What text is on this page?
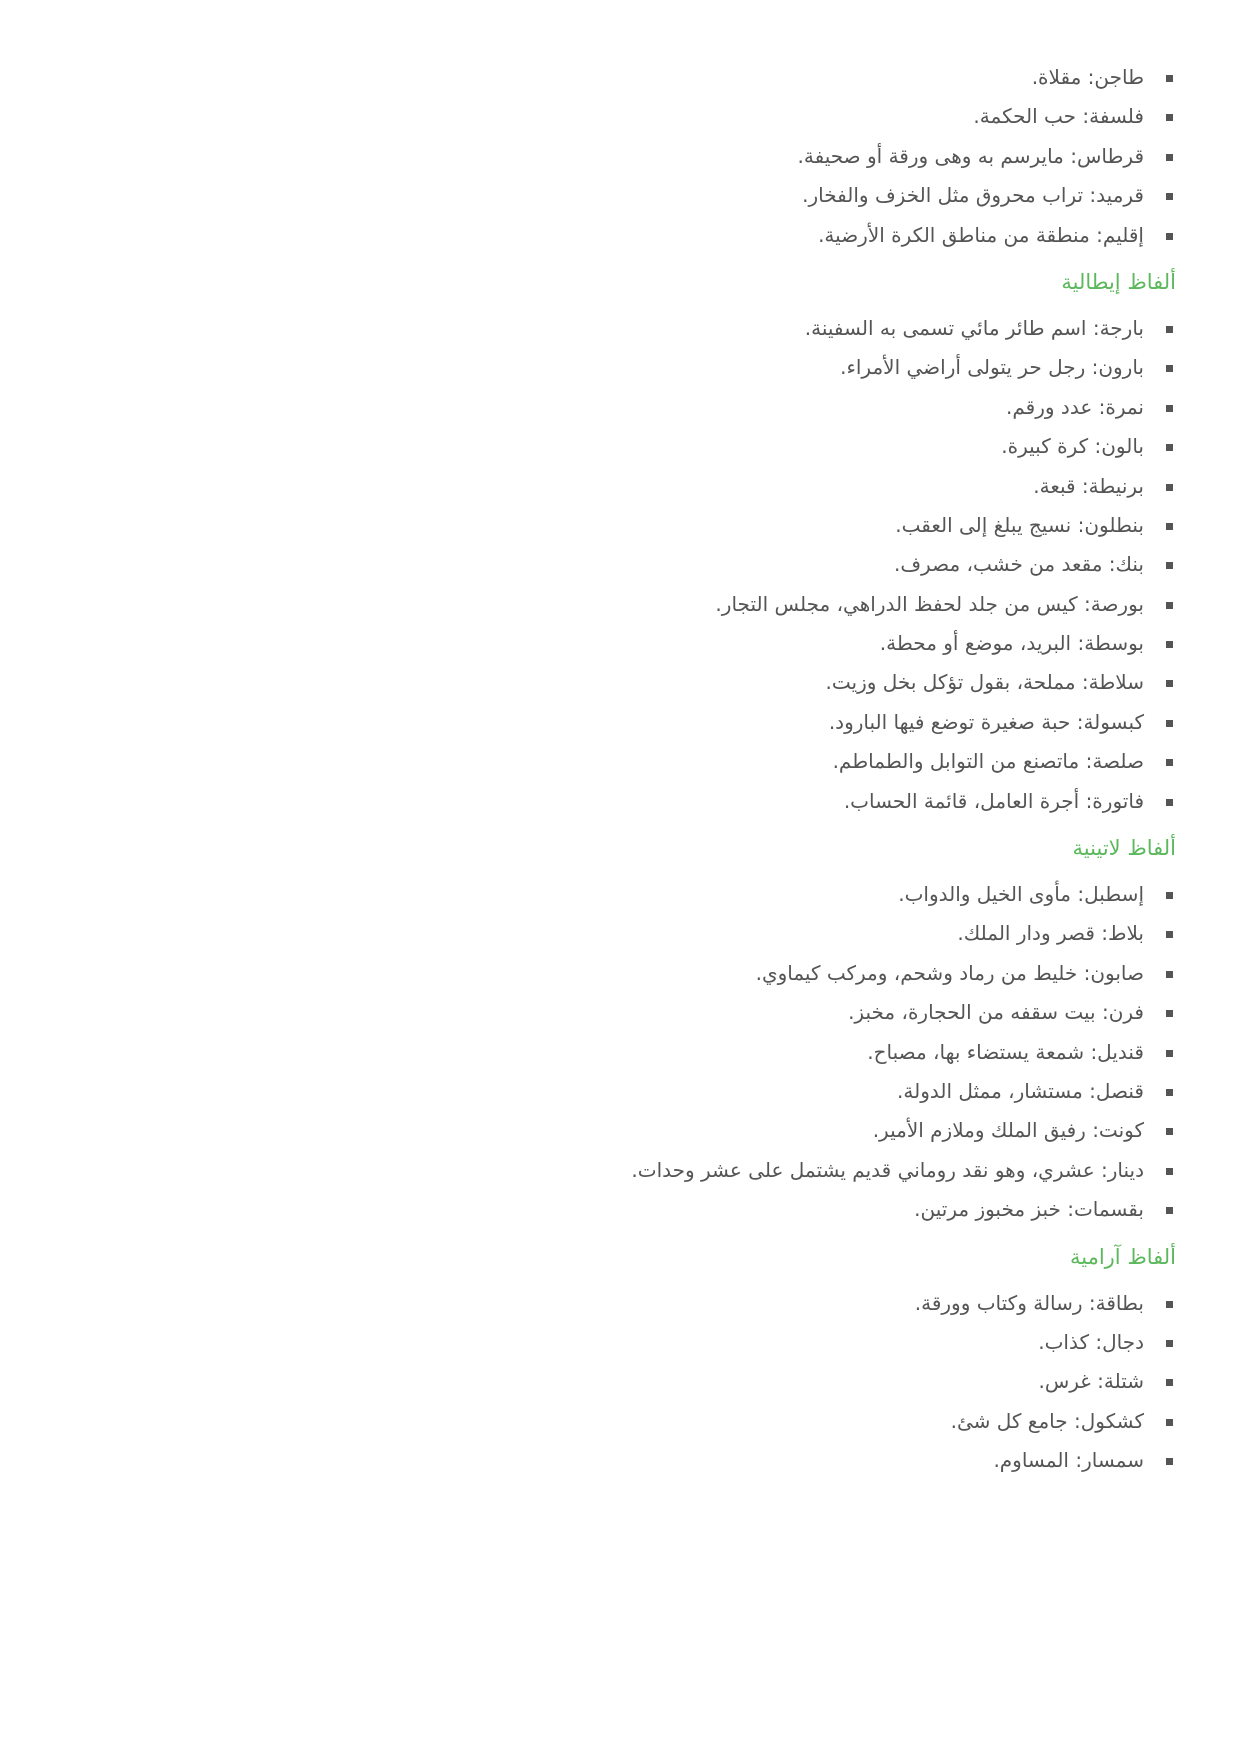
طاجن: مقلاة.
فلسفة: حب الحكمة.
قرطاس: مايرسم به وهى ورقة أو صحيفة.
قرميد: تراب محروق مثل الخزف والفخار.
إقليم: منطقة من مناطق الكرة الأرضية.
ألفاظ إيطالية
بارجة: اسم طائر مائي تسمى به السفينة.
بارون: رجل حر يتولى أراضي الأمراء.
نمرة: عدد ورقم.
بالون: كرة كبيرة.
برنيطة: قبعة.
بنطلون: نسيج يبلغ إلى العقب.
بنك: مقعد من خشب، مصرف.
بورصة: كيس من جلد لحفظ الدراهي، مجلس التجار.
بوسطة: البريد، موضع أو محطة.
سلاطة: مملحة، بقول تؤكل بخل وزيت.
كبسولة: حبة صغيرة توضع فيها البارود.
صلصة: ماتصنع من التوابل والطماطم.
فاتورة: أجرة العامل، قائمة الحساب.
ألفاظ لاتينية
إسطبل: مأوى الخيل والدواب.
بلاط: قصر ودار الملك.
صابون: خليط من رماد وشحم، ومركب كيماوي.
فرن: بيت سقفه من الحجارة، مخبز.
قنديل: شمعة يستضاء بها، مصباح.
قنصل: مستشار، ممثل الدولة.
كونت: رفيق الملك وملازم الأمير.
دينار: عشري، وهو نقد روماني قديم يشتمل على عشر وحدات.
بقسمات: خبز مخبوز مرتين.
ألفاظ آرامية
بطاقة: رسالة وكتاب وورقة.
دجال: كذاب.
شتلة: غرس.
كشكول: جامع كل شئ.
سمسار: المساوم.
